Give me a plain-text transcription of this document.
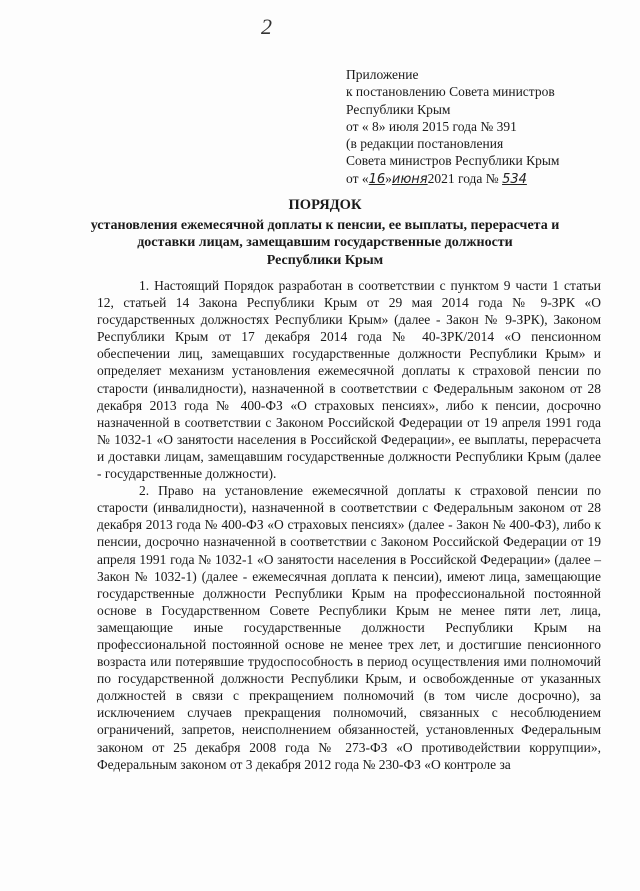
2
Приложение
к постановлению Совета министров
Республики Крым
от « 8» июля 2015 года № 391
(в редакции постановления
Совета министров Республики Крым
от «16»июня2021 года № 534
ПОРЯДОК
установления ежемесячной доплаты к пенсии, ее выплаты, перерасчета и
доставки лицам, замещавшим государственные должности
Республики Крым

1. Настоящий Порядок разработан в соответствии с пунктом 9 части 1 статьи 12, статьей 14 Закона Республики Крым от 29 мая 2014 года № 9-ЗРК «О государственных должностях Республики Крым» (далее - Закон № 9-ЗРК), Законом Республики Крым от 17 декабря 2014 года № 40-ЗРК/2014 «О пенсионном обеспечении лиц, замещавших государственные должности Республики Крым» и определяет механизм установления ежемесячной доплаты к страховой пенсии по старости (инвалидности), назначенной в соответствии с Федеральным законом от 28 декабря 2013 года № 400-ФЗ «О страховых пенсиях», либо к пенсии, досрочно назначенной в соответствии с Законом Российской Федерации от 19 апреля 1991 года № 1032-1 «О занятости населения в Российской Федерации», ее выплаты, перерасчета и доставки лицам, замещавшим государственные должности Республики Крым (далее - государственные должности).

2. Право на установление ежемесячной доплаты к страховой пенсии по старости (инвалидности), назначенной в соответствии с Федеральным законом от 28 декабря 2013 года № 400-ФЗ «О страховых пенсиях» (далее - Закон № 400-ФЗ), либо к пенсии, досрочно назначенной в соответствии с Законом Российской Федерации от 19 апреля 1991 года № 1032-1 «О занятости населения в Российской Федерации» (далее – Закон № 1032-1) (далее - ежемесячная доплата к пенсии), имеют лица, замещающие государственные должности Республики Крым на профессиональной постоянной основе в Государственном Совете Республики Крым не менее пяти лет, лица, замещающие иные государственные должности Республики Крым на профессиональной постоянной основе не менее трех лет, и достигшие пенсионного возраста или потерявшие трудоспособность в период осуществления ими полномочий по государственной должности Республики Крым, и освобожденные от указанных должностей в связи с прекращением полномочий (в том числе досрочно), за исключением случаев прекращения полномочий, связанных с несоблюдением ограничений, запретов, неисполнением обязанностей, установленных Федеральным законом от 25 декабря 2008 года № 273-ФЗ «О противодействии коррупции», Федеральным законом от 3 декабря 2012 года № 230-ФЗ «О контроле за
